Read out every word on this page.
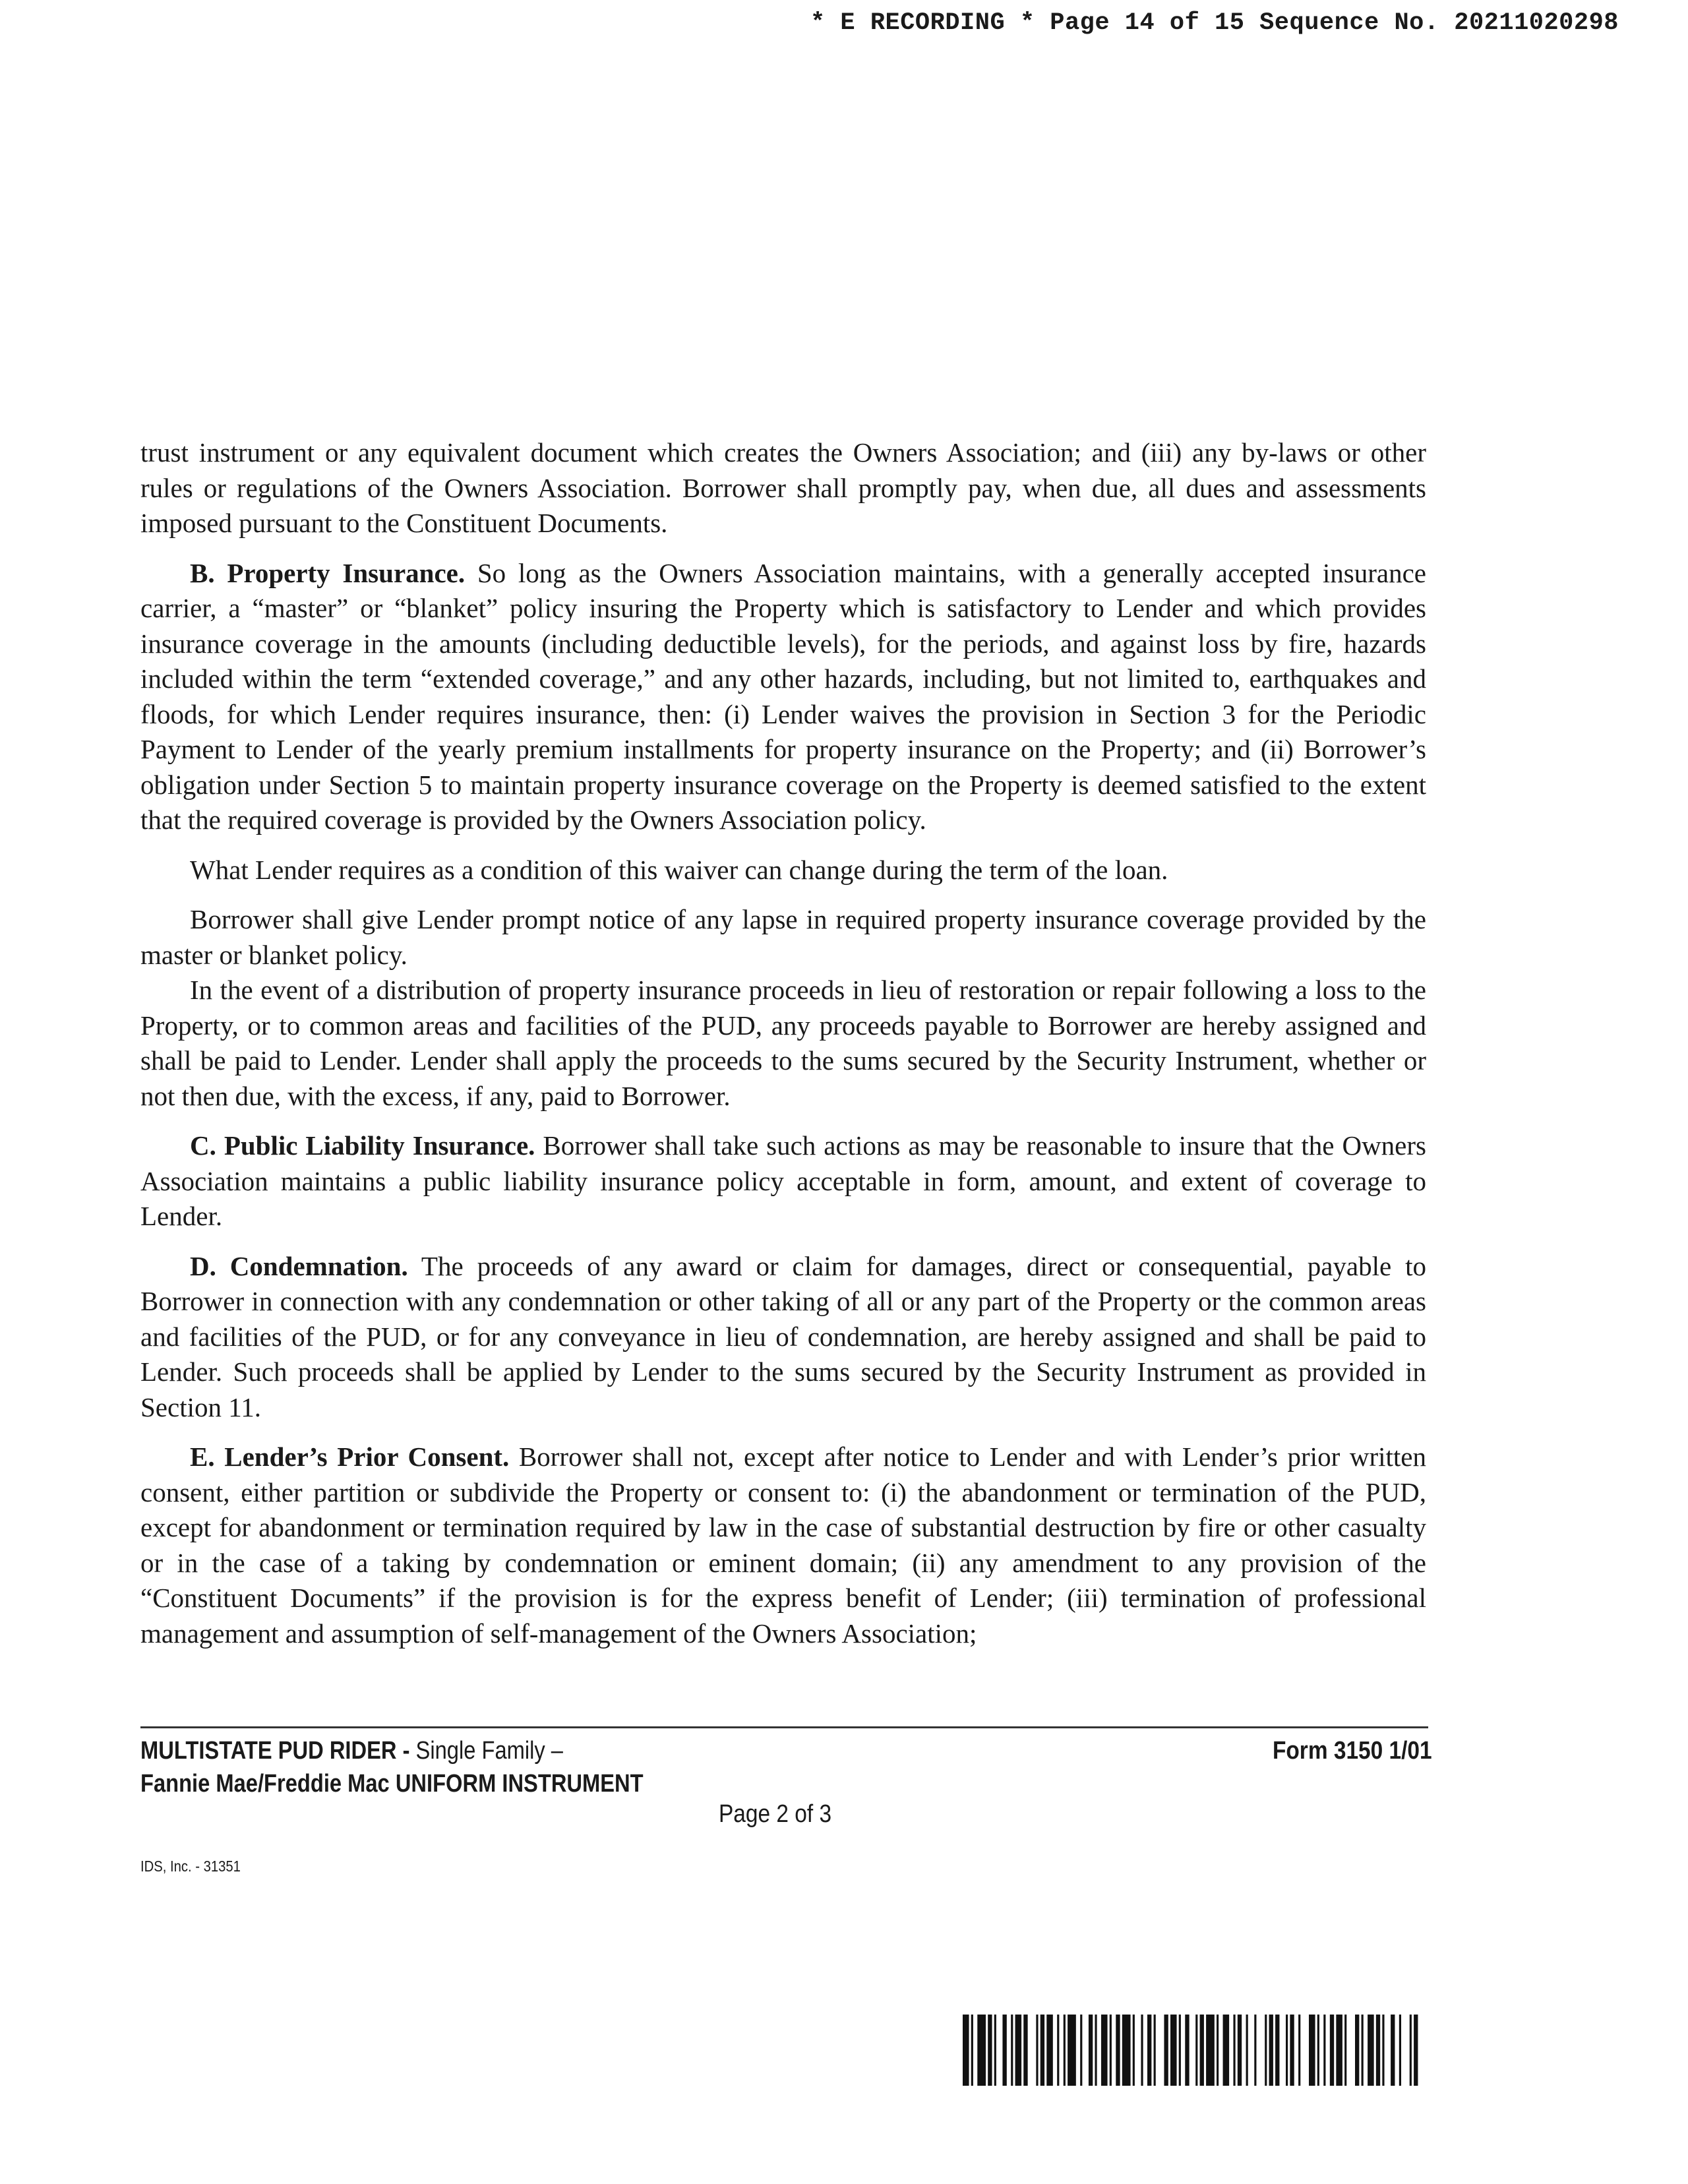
* E RECORDING * Page 14 of 15 Sequence No. 20211020298

trust instrument or any equivalent document which creates the Owners Association; and (iii) any by-laws or other rules or regulations of the Owners Association. Borrower shall promptly pay, when due, all dues and assessments imposed pursuant to the Constituent Documents.

B. Property Insurance. So long as the Owners Association maintains, with a generally accepted insurance carrier, a “master” or “blanket” policy insuring the Property which is satisfactory to Lender and which provides insurance coverage in the amounts (including deductible levels), for the periods, and against loss by fire, hazards included within the term “extended coverage,” and any other hazards, including, but not limited to, earthquakes and floods, for which Lender requires insurance, then: (i) Lender waives the provision in Section 3 for the Periodic Payment to Lender of the yearly premium installments for property insurance on the Property; and (ii) Borrower’s obligation under Section 5 to maintain property insurance coverage on the Property is deemed satisfied to the extent that the required coverage is provided by the Owners Association policy.

What Lender requires as a condition of this waiver can change during the term of the loan.

Borrower shall give Lender prompt notice of any lapse in required property insurance coverage provided by the master or blanket policy.

In the event of a distribution of property insurance proceeds in lieu of restoration or repair following a loss to the Property, or to common areas and facilities of the PUD, any proceeds payable to Borrower are hereby assigned and shall be paid to Lender. Lender shall apply the proceeds to the sums secured by the Security Instrument, whether or not then due, with the excess, if any, paid to Borrower.

C. Public Liability Insurance. Borrower shall take such actions as may be reasonable to insure that the Owners Association maintains a public liability insurance policy acceptable in form, amount, and extent of coverage to Lender.

D. Condemnation. The proceeds of any award or claim for damages, direct or consequential, payable to Borrower in connection with any condemnation or other taking of all or any part of the Property or the common areas and facilities of the PUD, or for any conveyance in lieu of condemnation, are hereby assigned and shall be paid to Lender. Such proceeds shall be applied by Lender to the sums secured by the Security Instrument as provided in Section 11.

E. Lender’s Prior Consent. Borrower shall not, except after notice to Lender and with Lender’s prior written consent, either partition or subdivide the Property or consent to: (i) the abandonment or termination of the PUD, except for abandonment or termination required by law in the case of substantial destruction by fire or other casualty or in the case of a taking by condemnation or eminent domain; (ii) any amendment to any provision of the “Constituent Documents” if the provision is for the express benefit of Lender; (iii) termination of professional management and assumption of self-management of the Owners Association;

MULTISTATE PUD RIDER - Single Family –
Fannie Mae/Freddie Mac UNIFORM INSTRUMENT
Form 3150 1/01
Page 2 of 3
IDS, Inc. - 31351
